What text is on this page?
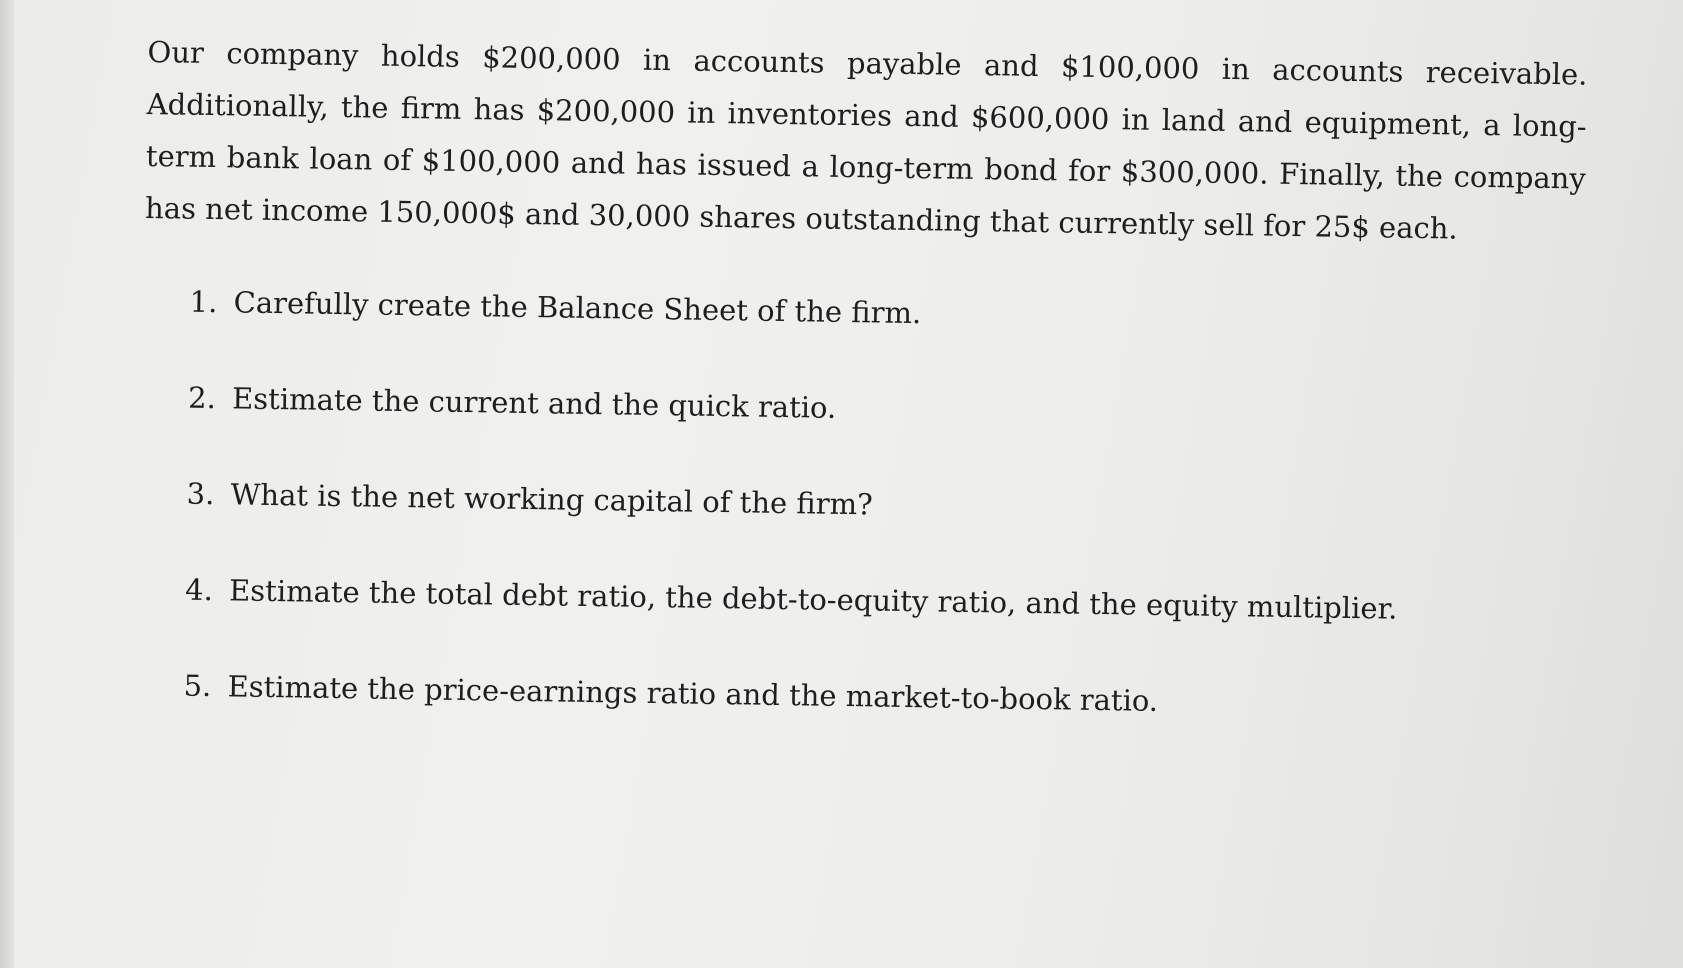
Our company holds $200,000 in accounts payable and $100,000 in accounts receivable. Additionally, the firm has $200,000 in inventories and $600,000 in land and equipment, a long-term bank loan of $100,000 and has issued a long-term bond for $300,000. Finally, the company has net income 150,000$ and 30,000 shares outstanding that currently sell for 25$ each.

1. Carefully create the Balance Sheet of the firm.
2. Estimate the current and the quick ratio.
3. What is the net working capital of the firm?
4. Estimate the total debt ratio, the debt-to-equity ratio, and the equity multiplier.
5. Estimate the price-earnings ratio and the market-to-book ratio.
